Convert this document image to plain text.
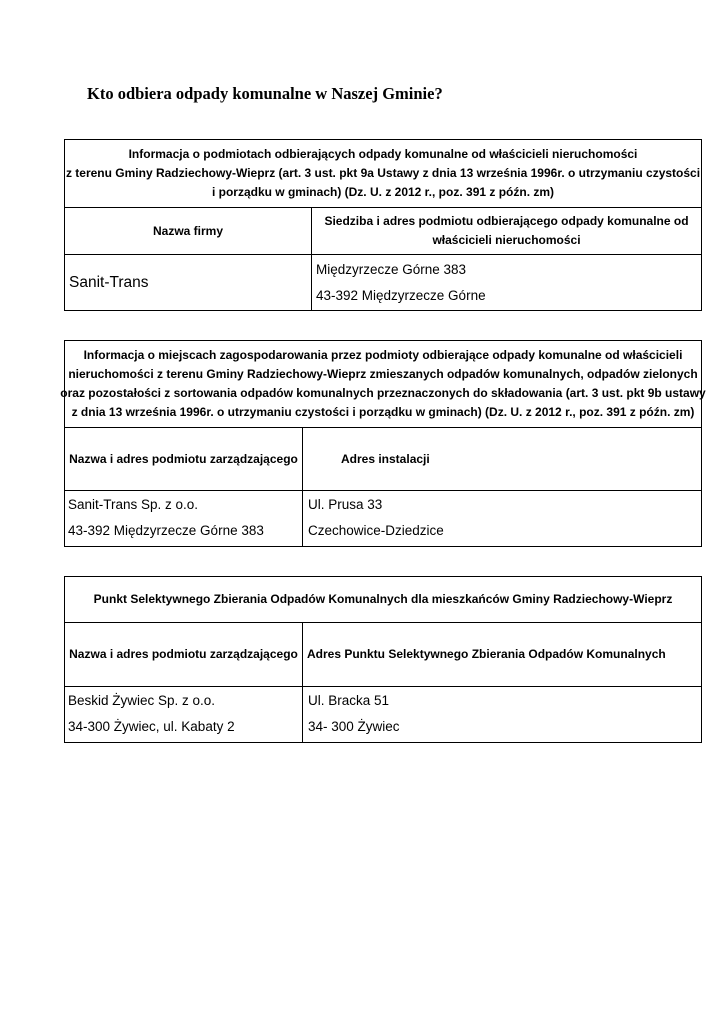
Kto odbiera odpady komunalne w Naszej Gminie?
Informacja o podmiotach odbierających odpady komunalne od właścicieli nieruchomości
z terenu Gminy Radziechowy-Wieprz (art. 3 ust. pkt 9a Ustawy z dnia 13 września 1996r. o utrzymaniu czystości
i porządku w gminach) (Dz. U. z 2012 r., poz. 391 z późn. zm)
Nazwa firmy
Siedziba i adres podmiotu odbierającego odpady komunalne od
właścicieli nieruchomości
Sanit-Trans
Międzyrzecze Górne 383
43-392 Międzyrzecze Górne
Informacja o miejscach zagospodarowania przez podmioty odbierające odpady komunalne od właścicieli
nieruchomości z terenu Gminy Radziechowy-Wieprz zmieszanych odpadów komunalnych, odpadów zielonych
oraz pozostałości z sortowania odpadów komunalnych przeznaczonych do składowania (art. 3 ust. pkt 9b ustawy
z dnia 13 września 1996r. o utrzymaniu czystości i porządku w gminach) (Dz. U. z 2012 r., poz. 391 z późn. zm)
Nazwa i adres podmiotu zarządzającego	Adres instalacji
Sanit-Trans Sp. z o.o.
43-392 Międzyrzecze Górne 383
Ul. Prusa 33
Czechowice-Dziedzice
Punkt Selektywnego Zbierania Odpadów Komunalnych dla mieszkańców Gminy Radziechowy-Wieprz
Nazwa i adres podmiotu zarządzającego Adres Punktu Selektywnego Zbierania Odpadów Komunalnych
Beskid Żywiec Sp. z o.o.
34-300 Żywiec, ul. Kabaty 2
Ul. Bracka 51
34- 300 Żywiec
